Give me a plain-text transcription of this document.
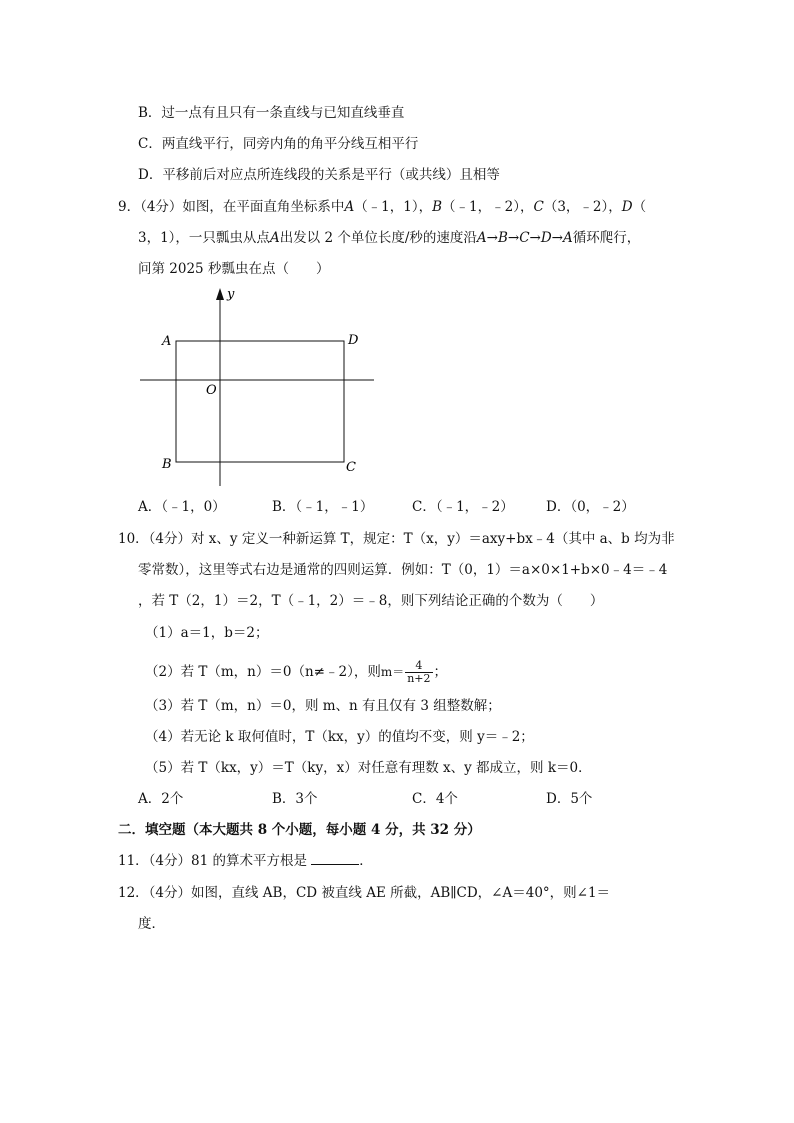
B．过一点有且只有一条直线与已知直线垂直
C．两直线平行，同旁内角的角平分线互相平行
D．平移前后对应点所连线段的关系是平行（或共线）且相等
9．（4分）如图，在平面直角坐标系中A（﹣1，1），B（﹣1，﹣2），C（3，﹣2），D（
3，1），一只瓢虫从点A出发以 2 个单位长度/秒的速度沿A→B→C→D→A循环爬行，
问第 2025 秒瓢虫在点（　　）
y
A	D
O
B	C
A．（﹣1，0）	B．（﹣1，﹣1）	C．（﹣1，﹣2） D．（0，﹣2）
10．（4分）对 x、y 定义一种新运算 T，规定：T（x，y）＝axy+bx﹣4（其中 a、b 均为非
零常数），这里等式右边是通常的四则运算．例如：T（0，1）＝a×0×1+b×0﹣4＝﹣4
，若 T（2，1）＝2，T（﹣1，2）＝﹣8，则下列结论正确的个数为（　　）
（1）a＝1，b＝2；
（2）若 T（m，n）＝0（n≠﹣2），则$m= \frac{4}{n+2}$ ；
（3）若 T（m，n）＝0，则 m、n 有且仅有 3 组整数解；
（4）若无论 k 取何值时，T（kx，y）的值均不变，则 y＝﹣2；
（5）若 T（kx，y）＝T（ky，x）对任意有理数 x、y 都成立，则 k＝0．
A．2个	B．3个	C．4个	D．5个
二．填空题（本大题共 8 个小题，每小题 4 分，共 32 分）
11．（4分）81 的算术平方根是	．
12．（4分）如图，直线 AB，CD 被直线 AE 所截，AB∥CD，∠A＝40°，则∠1＝
度．
